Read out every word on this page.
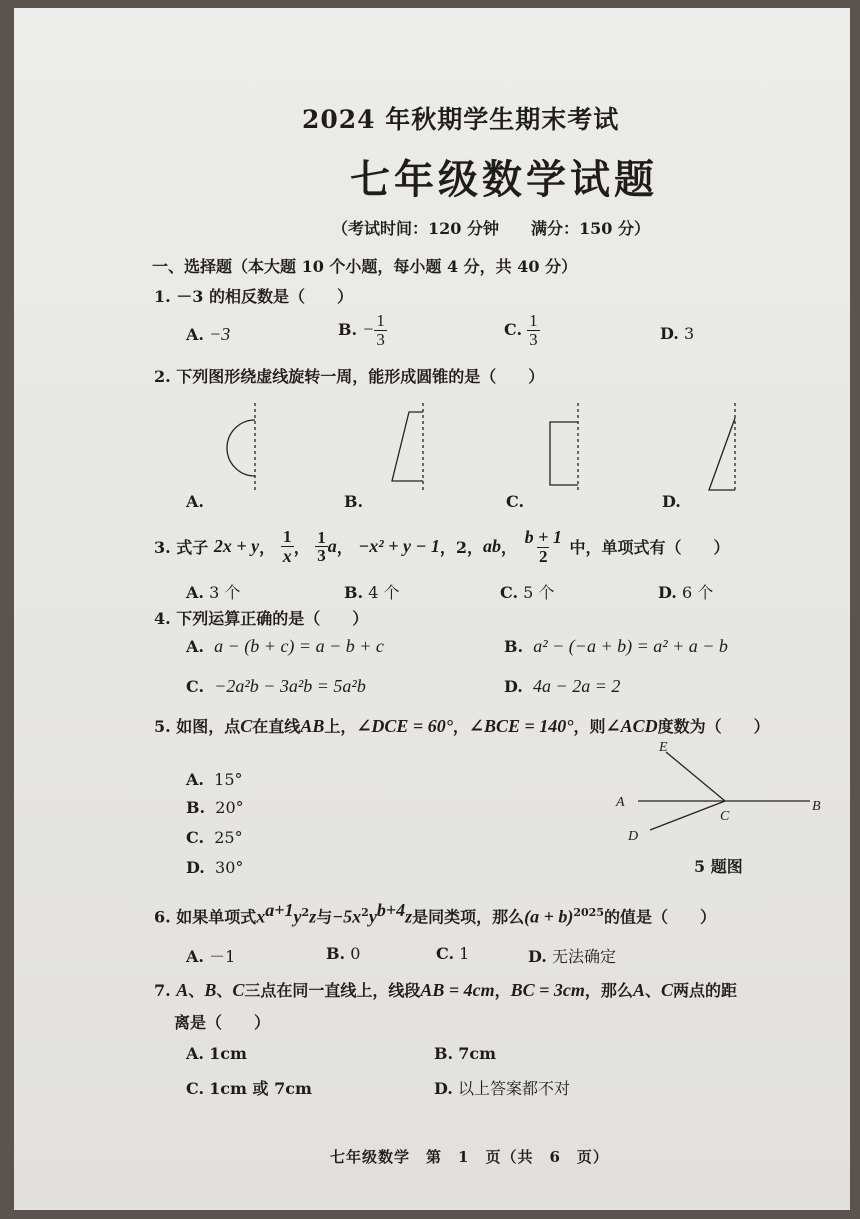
2024 年秋期学生期末考试
七年级数学试题
（考试时间：120 分钟　　满分：150 分）
一、选择题（本大题 10 个小题，每小题 4 分，共 40 分）
1. －3 的相反数是（　　）
A. −3	B. − $\frac{1}{3}$	C. $\frac{1}{3}$	D. 3
2. 下列图形绕虚线旋转一周，能形成圆锥的是（　　）
A.	B.	C.	D.
3. 式子
2x + y ，
$\frac{1}{x}$ ，
$\frac{1}{3}$ a ，
−x² + y − 1 ，2， ab ，
$\frac{b + 1}{2}$
中，单项式有（　　）
A. 3 个	B. 4 个	C. 5 个	D. 6 个
4. 下列运算正确的是（　　）
A. a − (b + c) = a − b + c	B. a² − (−a + b) = a² + a − b
C. −2a²b − 3a²b = 5a²b	D. 4a − 2a = 2
5. 如图，点C在直线AB上，∠DCE = 60°，∠BCE = 140°，则∠ACD度数为（　　）
A. 15°
B. 20°
C. 25°
D. 30°
E
A
C
B
D
5 题图
6. 如果单项式$x^{a+1}y^2z$与$-5x^2y^{b+4}z$是同类项，那么$(a + b)^{2025}$的值是（　　）
A. －1	B. 0	C. 1	D. 无法确定
7. A、B、C三点在同一直线上，线段AB = 4cm，BC = 3cm，那么A、C两点的距
离是（　　）
A. 1cm	B. 7cm
C. 1cm 或 7cm	D. 以上答案都不对
七年级数学　第　1　页（共　6　页）
